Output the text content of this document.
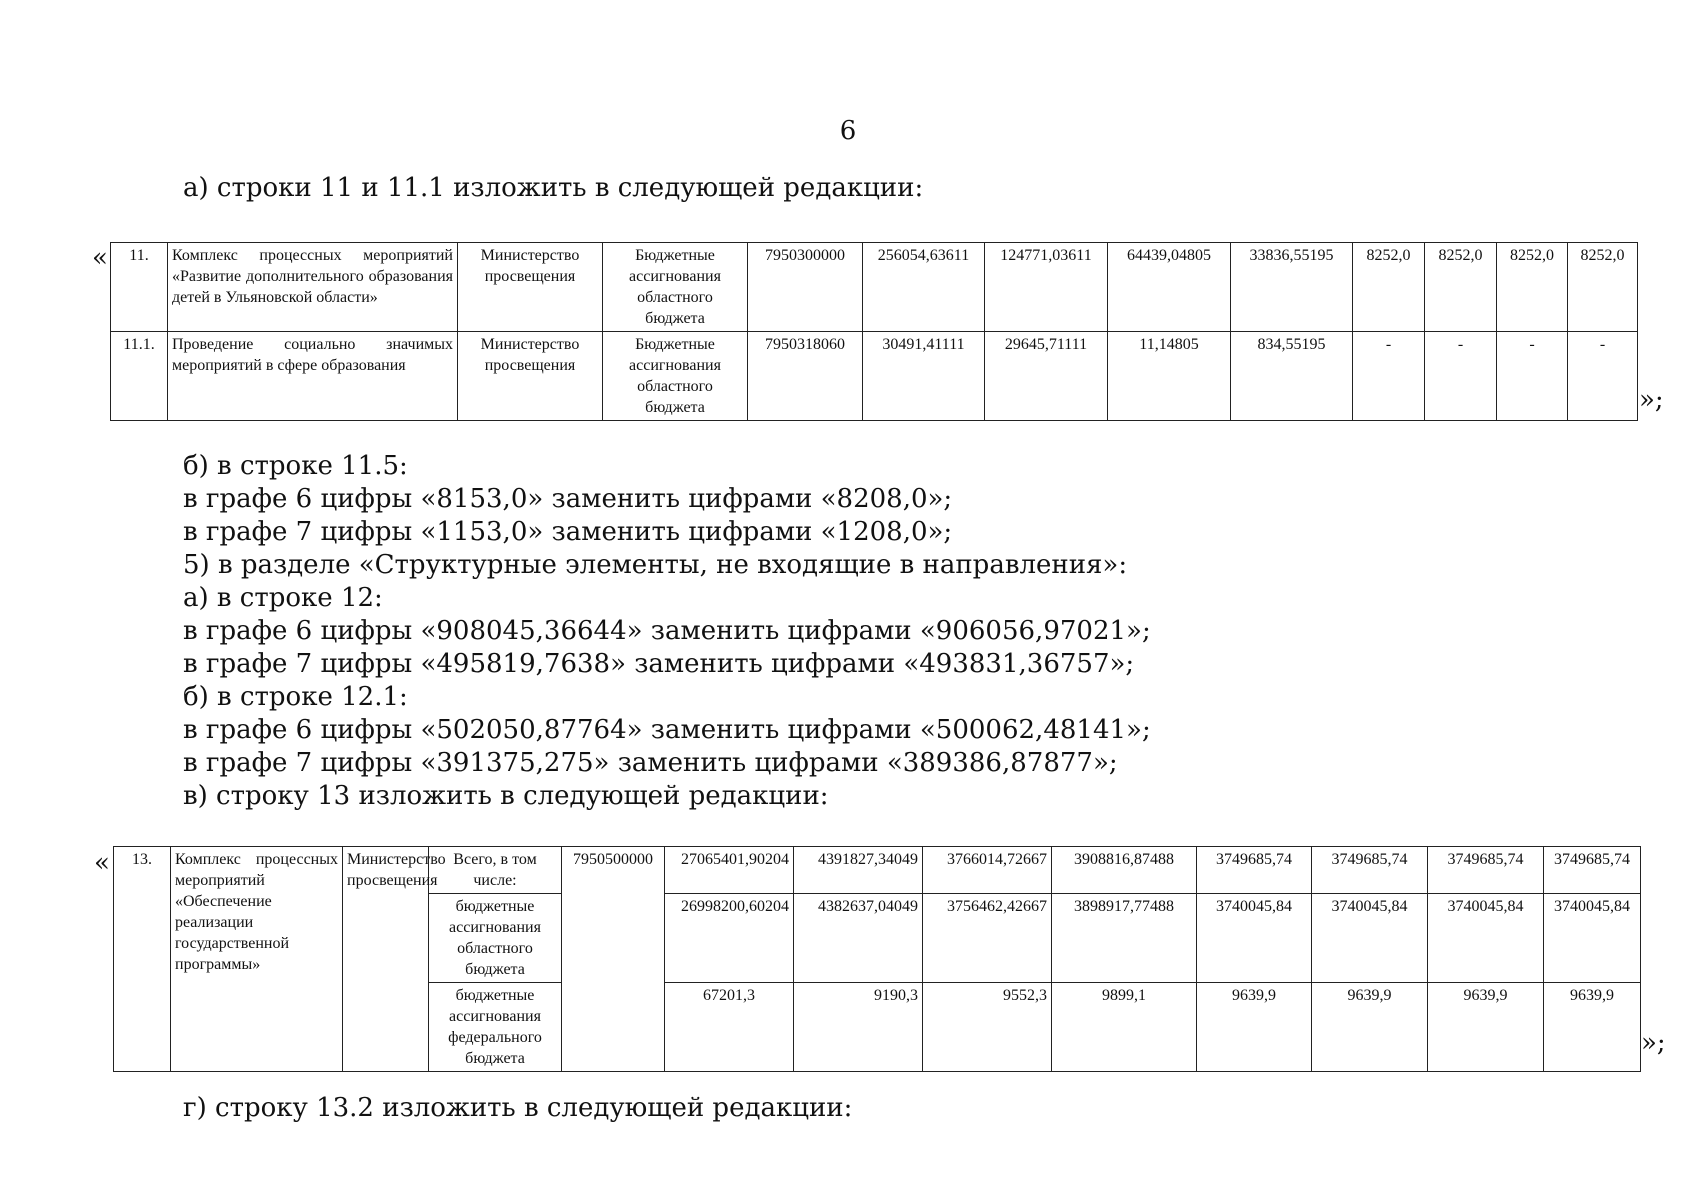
6
а) строки 11 и 11.1 изложить в следующей редакции:
« 11.	Комплекс процессных мероприятий «Развитие дополнительного образования детей в Ульяновской области»	Министерство просвещения	Бюджетные ассигнования областного бюджета	7950300000	256054,63611	124771,03611	64439,04805	33836,55195	8252,0	8252,0	8252,0	8252,0
11.1.	Проведение социально значимых мероприятий в сфере образования	Министерство просвещения	Бюджетные ассигнования областного бюджета	7950318060	30491,41111	29645,71111	11,14805	834,55195	-	-	-	-
»;
б) в строке 11.5:
в графе 6 цифры «8153,0» заменить цифрами «8208,0»;
в графе 7 цифры «1153,0» заменить цифрами «1208,0»;
5) в разделе «Структурные элементы, не входящие в направления»:
а) в строке 12:
в графе 6 цифры «908045,36644» заменить цифрами «906056,97021»;
в графе 7 цифры «495819,7638» заменить цифрами «493831,36757»;
б) в строке 12.1:
в графе 6 цифры «502050,87764» заменить цифрами «500062,48141»;
в графе 7 цифры «391375,275» заменить цифрами «389386,87877»;
в) строку 13 изложить в следующей редакции:
« 13.	Комплекс процессных мероприятий «Обеспечение реализации государственной программы»	Министерство просвещения	Всего, в том числе:	7950500000	27065401,90204	4391827,34049	3766014,72667	3908816,87488	3749685,74	3749685,74	3749685,74	3749685,74
			бюджетные ассигнования областного бюджета		26998200,60204	4382637,04049	3756462,42667	3898917,77488	3740045,84	3740045,84	3740045,84	3740045,84
			бюджетные ассигнования федерального бюджета		67201,3	9190,3	9552,3	9899,1	9639,9	9639,9	9639,9	9639,9
»;
г) строку 13.2 изложить в следующей редакции:
